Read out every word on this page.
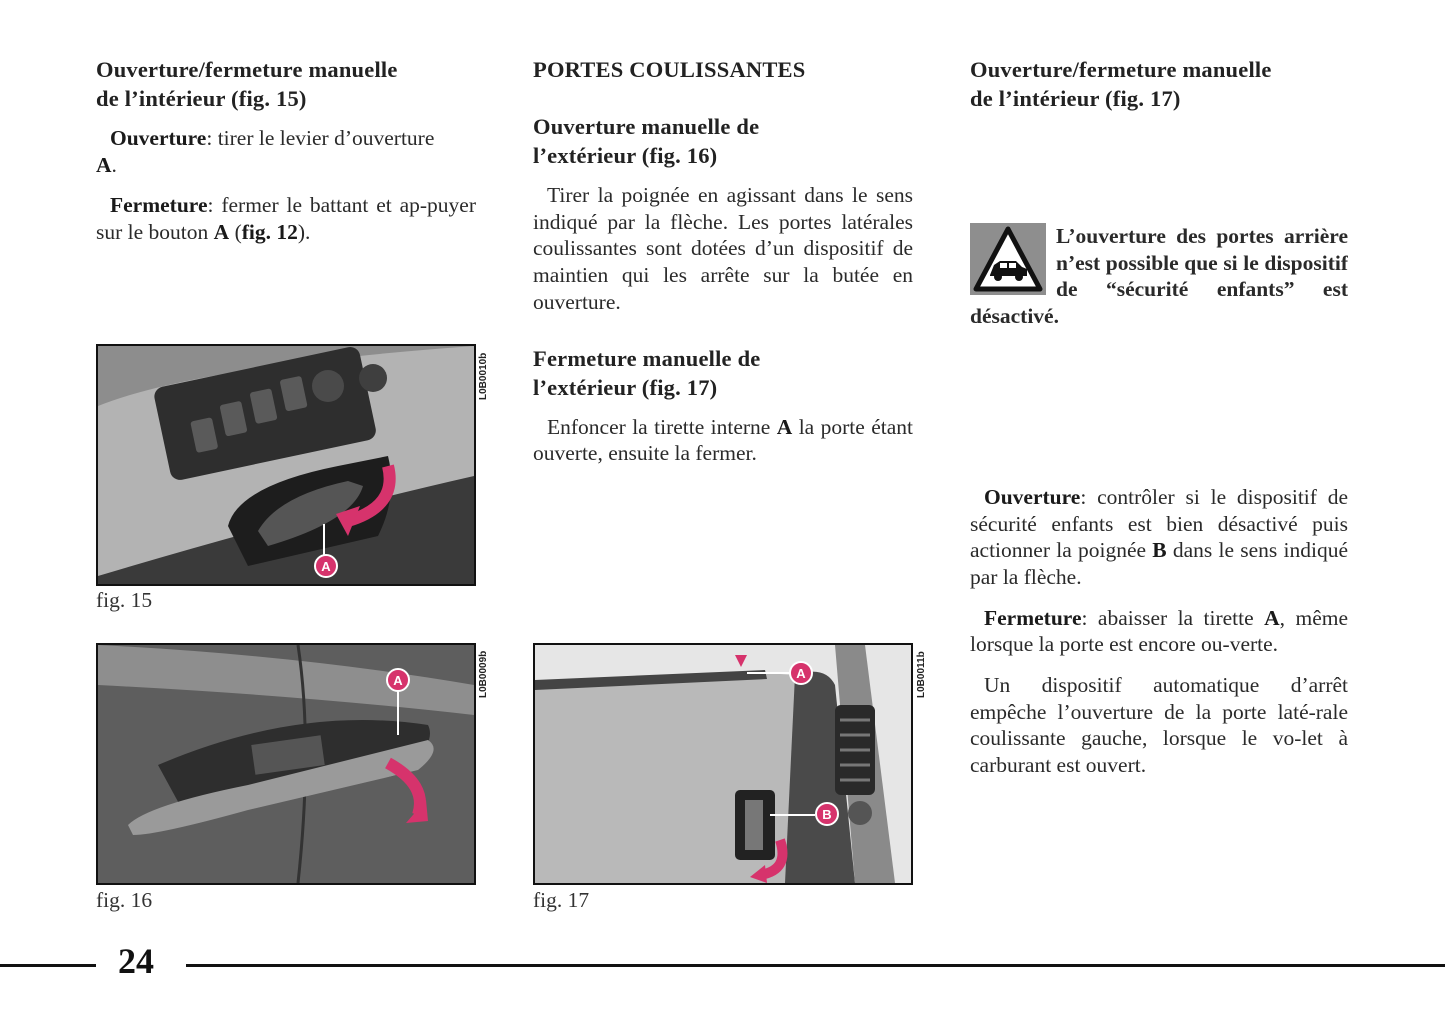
Ouverture/fermeture manuelle
de l’intérieur (fig. 15)

Ouverture: tirer le levier d’ouverture
A.

Fermeture: fermer le battant et ap-puyer sur le bouton A (fig. 12).

PORTES COULISSANTES
Ouverture manuelle de
l’extérieur (fig. 16)

Tirer la poignée en agissant dans le sens indiqué par la flèche. Les portes latérales coulissantes sont dotées d’un dispositif de maintien qui les arrête sur la butée en ouverture.

Fermeture manuelle de
l’extérieur (fig. 17)

Enfoncer la tirette interne A la porte étant ouverte, ensuite la fermer.

Ouverture/fermeture manuelle
de l’intérieur (fig. 17)

L’ouverture des portes arrière n’est possible que si le dispositif de “sécurité enfants” est désactivé.

Ouverture: contrôler si le dispositif de sécurité enfants est bien désactivé puis actionner la poignée B dans le sens indiqué par la flèche.

Fermeture: abaisser la tirette A, même lorsque la porte est encore ou-verte.

Un dispositif automatique d’arrêt empêche l’ouverture de la porte laté-rale coulissante gauche, lorsque le vo-let à carburant est ouvert.

A
L0B0010b
fig. 15
A	L0B0009b
fig. 16
B
A	L0B0011b
fig. 17
24
